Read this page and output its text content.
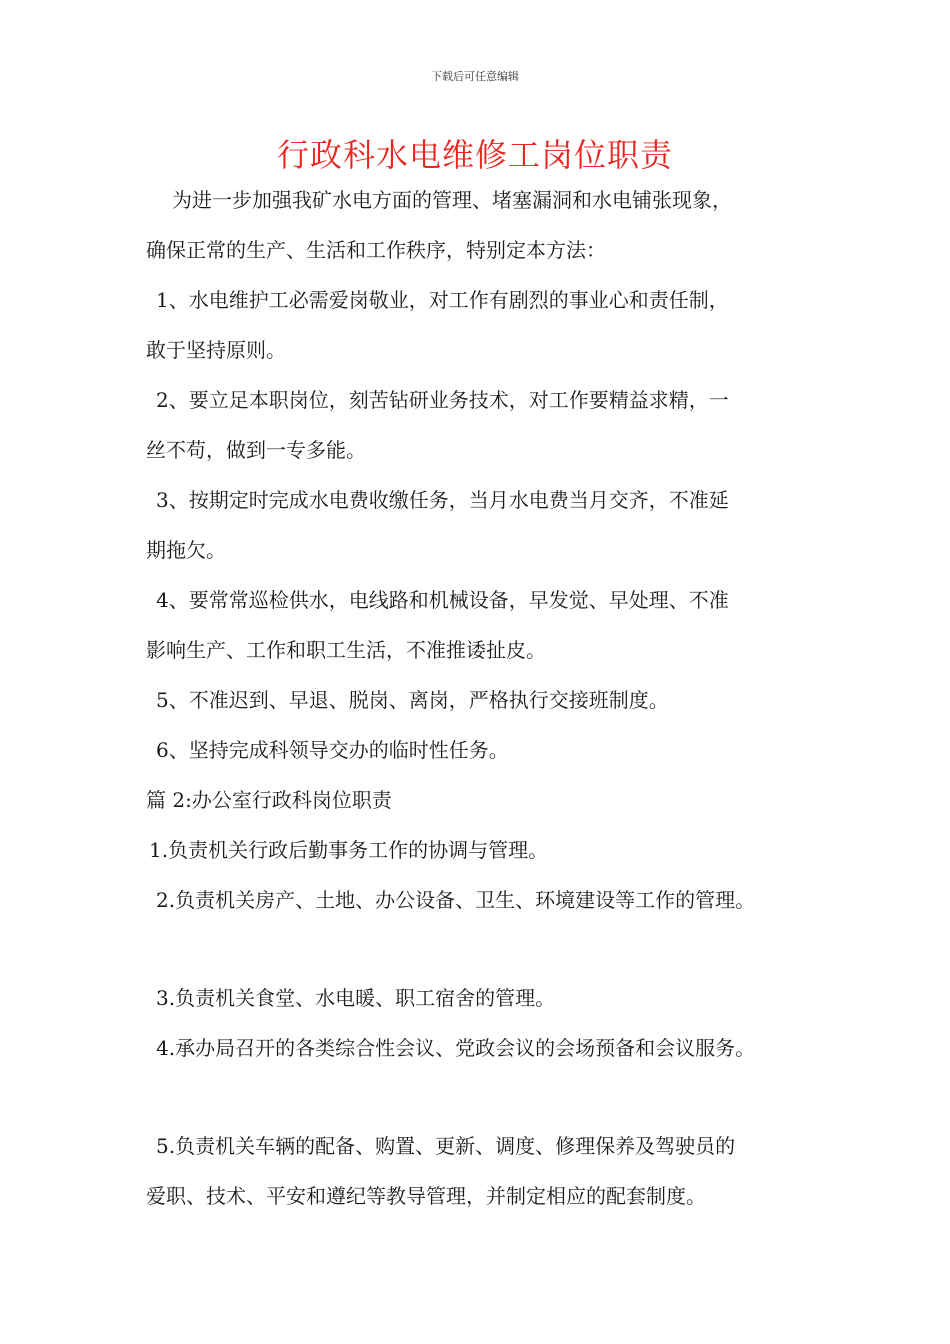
下载后可任意编辑
行政科水电维修工岗位职责
为进一步加强我矿水电方面的管理、堵塞漏洞和水电铺张现象，
确保正常的生产、生活和工作秩序，特别定本方法：
1、水电维护工必需爱岗敬业，对工作有剧烈的事业心和责任制，
敢于坚持原则。
2、要立足本职岗位，刻苦钻研业务技术，对工作要精益求精，一
丝不苟，做到一专多能。
3、按期定时完成水电费收缴任务，当月水电费当月交齐，不准延
期拖欠。
4、要常常巡检供水，电线路和机械设备，早发觉、早处理、不准
影响生产、工作和职工生活，不准推诿扯皮。
5、不准迟到、早退、脱岗、离岗，严格执行交接班制度。
6、坚持完成科领导交办的临时性任务。
篇 2:办公室行政科岗位职责
1.负责机关行政后勤事务工作的协调与管理。
2.负责机关房产、土地、办公设备、卫生、环境建设等工作的管理。
3.负责机关食堂、水电暖、职工宿舍的管理。
4.承办局召开的各类综合性会议、党政会议的会场预备和会议服务。
5.负责机关车辆的配备、购置、更新、调度、修理保养及驾驶员的
爱职、技术、平安和遵纪等教导管理，并制定相应的配套制度。
